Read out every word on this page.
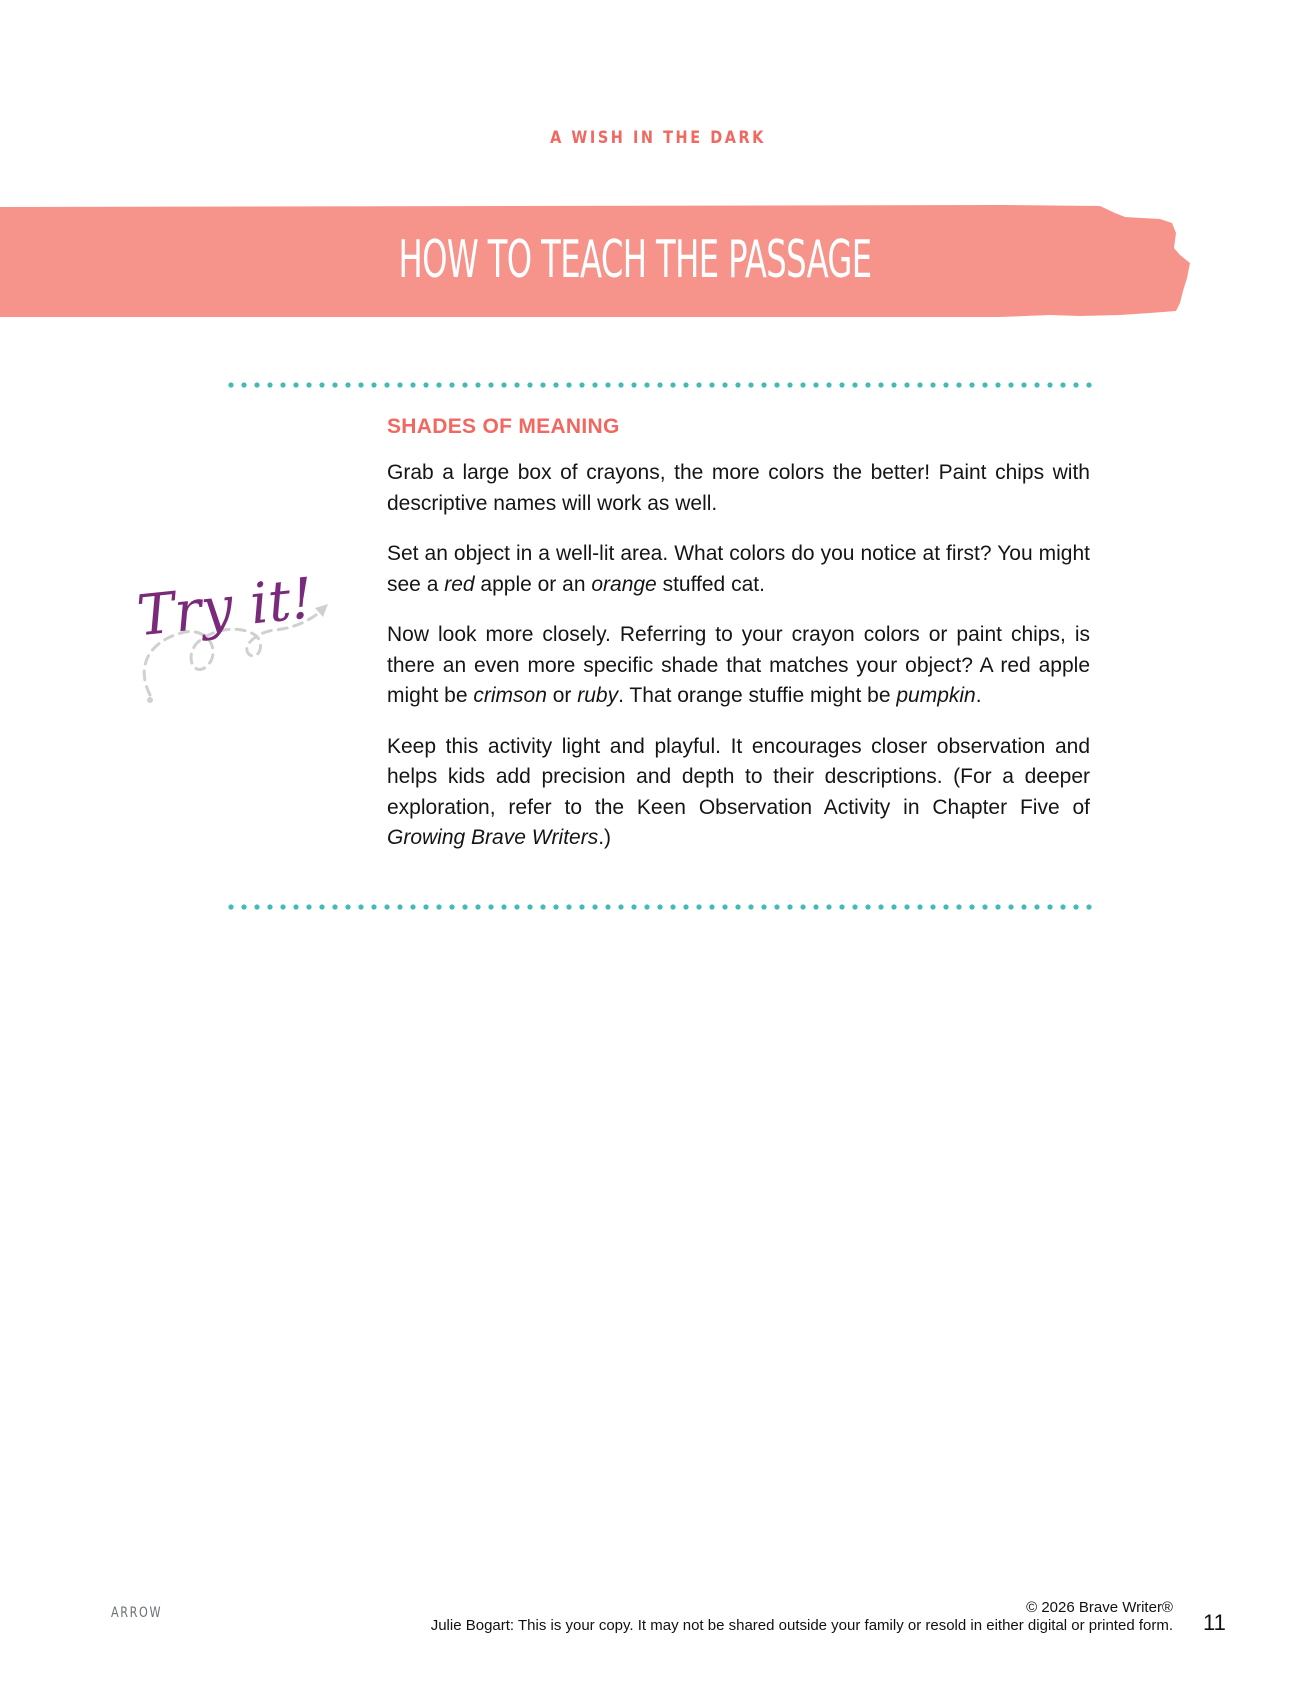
A WISH IN THE DARK
HOW TO TEACH THE PASSAGE
Try it!
SHADES OF MEANING

Grab a large box of crayons, the more colors the better! Paint chips with descriptive names will work as well.

Set an object in a well-lit area. What colors do you notice at first? You might see a red apple or an orange stuffed cat.

Now look more closely. Referring to your crayon colors or paint chips, is there an even more specific shade that matches your object? A red apple might be crimson or ruby. That orange stuffie might be pumpkin.

Keep this activity light and playful. It encourages closer observation and helps kids add precision and depth to their descriptions. (For a deeper exploration, refer to the Keen Observation Activity in Chapter Five of Growing Brave Writers.)

ARROW	© 2026 Brave Writer®
Julie Bogart: This is your copy. It may not be shared outside your family or resold in either digital or printed form. 11
